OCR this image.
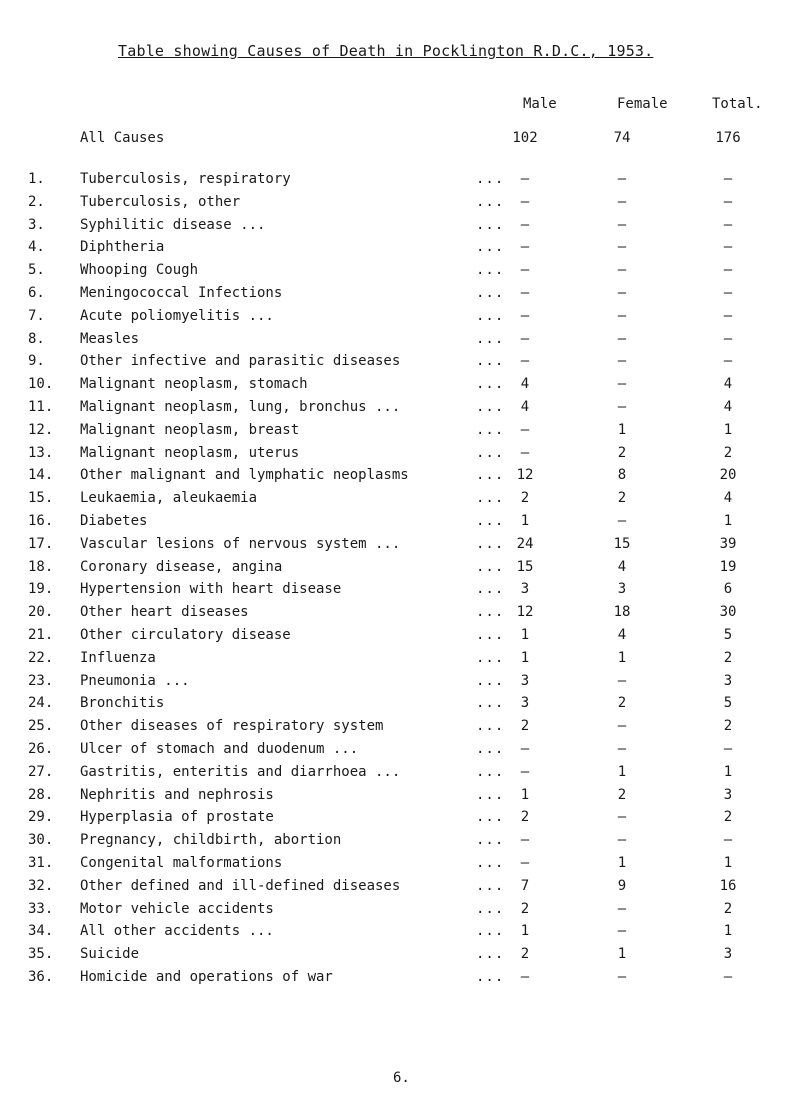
Table showing Causes of Death in Pocklington R.D.C., 1953.
Male	Female	Total.
All Causes	102	74	176
1.	Tuberculosis, respiratory	...	–	–	–
2.	Tuberculosis, other	...	–	–	–
3.	Syphilitic disease ...	...	–	–	–
4.	Diphtheria	...	–	–	–
5.	Whooping Cough	...	–	–	–
6.	Meningococcal Infections	...	–	–	–
7.	Acute poliomyelitis ...	...	–	–	–
8.	Measles	...	–	–	–
9.	Other infective and parasitic diseases	...	–	–	–
10.	Malignant neoplasm, stomach	...	4	–	4
11.	Malignant neoplasm, lung, bronchus ...	...	4	–	4
12.	Malignant neoplasm, breast	...	–	1	1
13.	Malignant neoplasm, uterus	...	–	2	2
14.	Other malignant and lymphatic neoplasms	... 12	8	20
15.	Leukaemia, aleukaemia	...	2	2	4
16.	Diabetes	...	1	–	1
17.	Vascular lesions of nervous system ...	... 24	15	39
18.	Coronary disease, angina	... 15	4	19
19.	Hypertension with heart disease	...	3	3	6
20.	Other heart diseases	... 12	18	30
21.	Other circulatory disease	...	1	4	5
22.	Influenza	...	1	1	2
23.	Pneumonia ...	...	3	–	3
24.	Bronchitis	...	3	2	5
25.	Other diseases of respiratory system	...	2	–	2
26.	Ulcer of stomach and duodenum ...	...	–	–	–
27.	Gastritis, enteritis and diarrhoea ...	...	–	1	1
28.	Nephritis and nephrosis	...	1	2	3
29.	Hyperplasia of prostate	...	2	–	2
30.	Pregnancy, childbirth, abortion	...	–	–	–
31.	Congenital malformations	...	–	1	1
32.	Other defined and ill-defined diseases	...	7	9	16
33.	Motor vehicle accidents	...	2	–	2
34.	All other accidents ...	...	1	–	1
35.	Suicide	...	2	1	3
36.	Homicide and operations of war	...	–	–	–
6.
